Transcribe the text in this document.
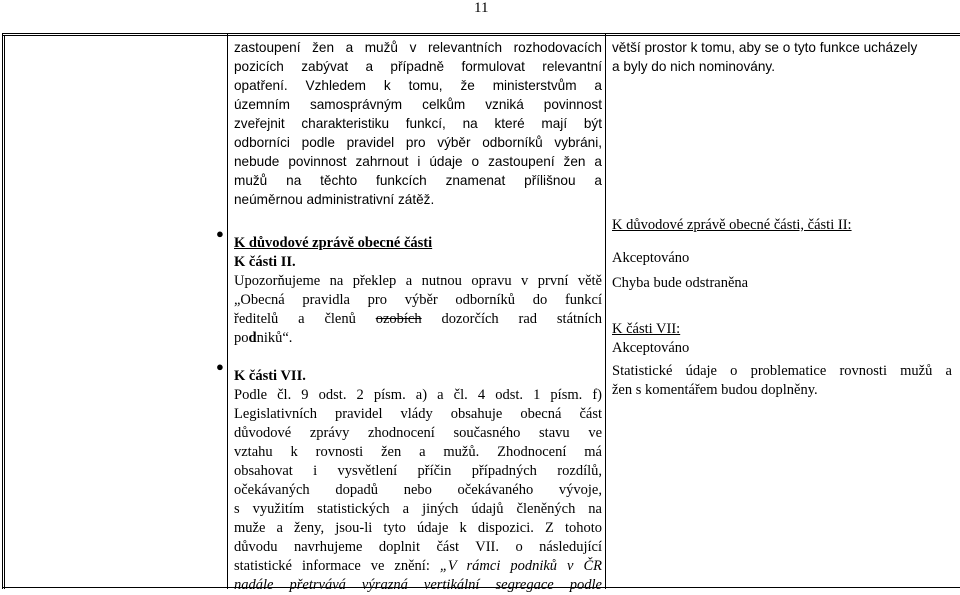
11

zastoupení žen a mužů v relevantních rozhodovacích

pozicích zabývat a případně formulovat relevantní

opatření. Vzhledem k tomu, že ministerstvům a

územním samosprávným celkům vzniká povinnost

zveřejnit charakteristiku funkcí, na které mají být

odborníci podle pravidel pro výběr odborníků vybráni,

nebude povinnost zahrnout i údaje o zastoupení žen a

mužů na těchto funkcích znamenat přílišnou a

neúměrnou administrativní zátěž.

K důvodové zprávě obecné části

K části II.

Upozorňujeme na překlep a nutnou opravu v první větě

„Obecná pravidla pro výběr odborníků do funkcí

ředitelů a členů ozobích dozorčích rad státních

podniků“.

K části VII.

Podle čl. 9 odst. 2 písm. a) a čl. 4 odst. 1 písm. f)

Legislativních pravidel vlády obsahuje obecná část

důvodové zprávy zhodnocení současného stavu ve

vztahu k rovnosti žen a mužů. Zhodnocení má

obsahovat i vysvětlení příčin případných rozdílů,

očekávaných dopadů nebo očekávaného vývoje,

s využitím statistických a jiných údajů členěných na

muže a ženy, jsou-li tyto údaje k dispozici. Z tohoto

důvodu navrhujeme doplnit část VII. o následující

statistické informace ve znění: „V rámci podniků v ČR

nadále přetrvává výrazná vertikální segregace podle

●
●

větší prostor k tomu, aby se o tyto funkce ucházely

a byly do nich nominovány.

K důvodové zprávě obecné části, části II:

Akceptováno

Chyba bude odstraněna

K části VII:

Akceptováno

Statistické údaje o problematice rovnosti mužů a

žen s komentářem budou doplněny.
